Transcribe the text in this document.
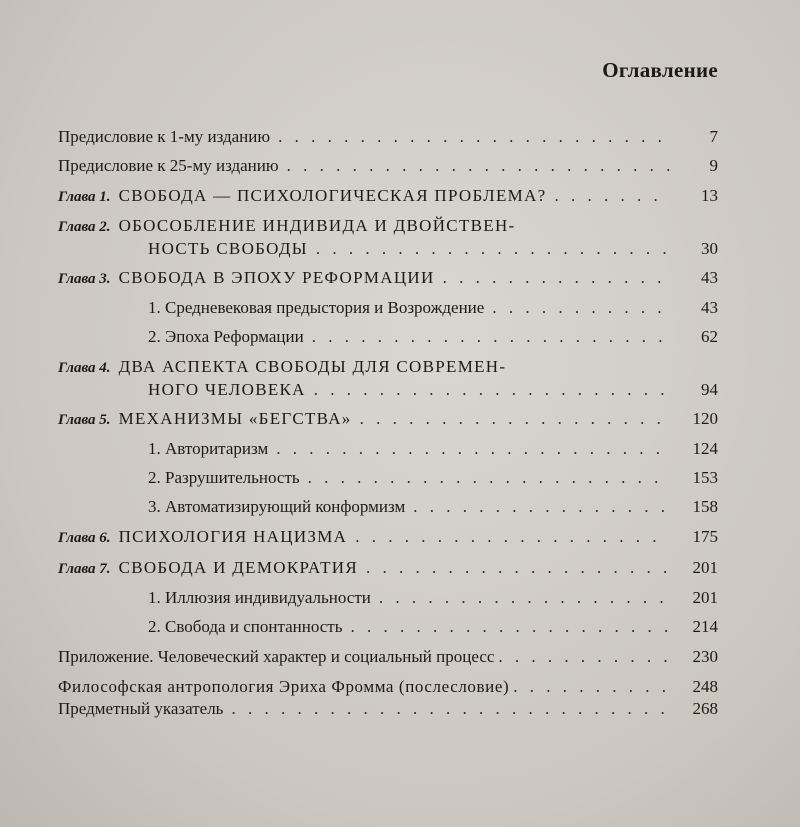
Оглавление
Предисловие к 1-му изданию . . .	7
Предисловие к 25-му изданию . . .	9
Глава 1. СВОБОДА — ПСИХОЛОГИЧЕСКАЯ ПРОБЛЕМА? . . .	13
Глава 2. ОБОСОБЛЕНИЕ ИНДИВИДА И ДВОЙСТВЕН-
НОСТЬ СВОБОДЫ . . .	30
Глава 3. СВОБОДА В ЭПОХУ РЕФОРМАЦИИ . . .	43
1. Средневековая предыстория и Возрождение . . .	43
2. Эпоха Реформации . . .	62
Глава 4. ДВА АСПЕКТА СВОБОДЫ ДЛЯ СОВРЕМЕН-
НОГО ЧЕЛОВЕКА . . .	94
Глава 5. МЕХАНИЗМЫ «БЕГСТВА» . . .	120
1. Авторитаризм . . .	124
2. Разрушительность . . .	153
3. Автоматизирующий конформизм . . .	158
Глава 6. ПСИХОЛОГИЯ НАЦИЗМА . . .	175
Глава 7. СВОБОДА И ДЕМОКРАТИЯ . . .	201
1. Иллюзия индивидуальности . . .	201
2. Свобода и спонтанность . . .	214
Приложение. Человеческий характер и социальный процесс . . .	230
Философская антропология Эриха Фромма (послесловие) . . .	248
Предметный указатель . . .	268
